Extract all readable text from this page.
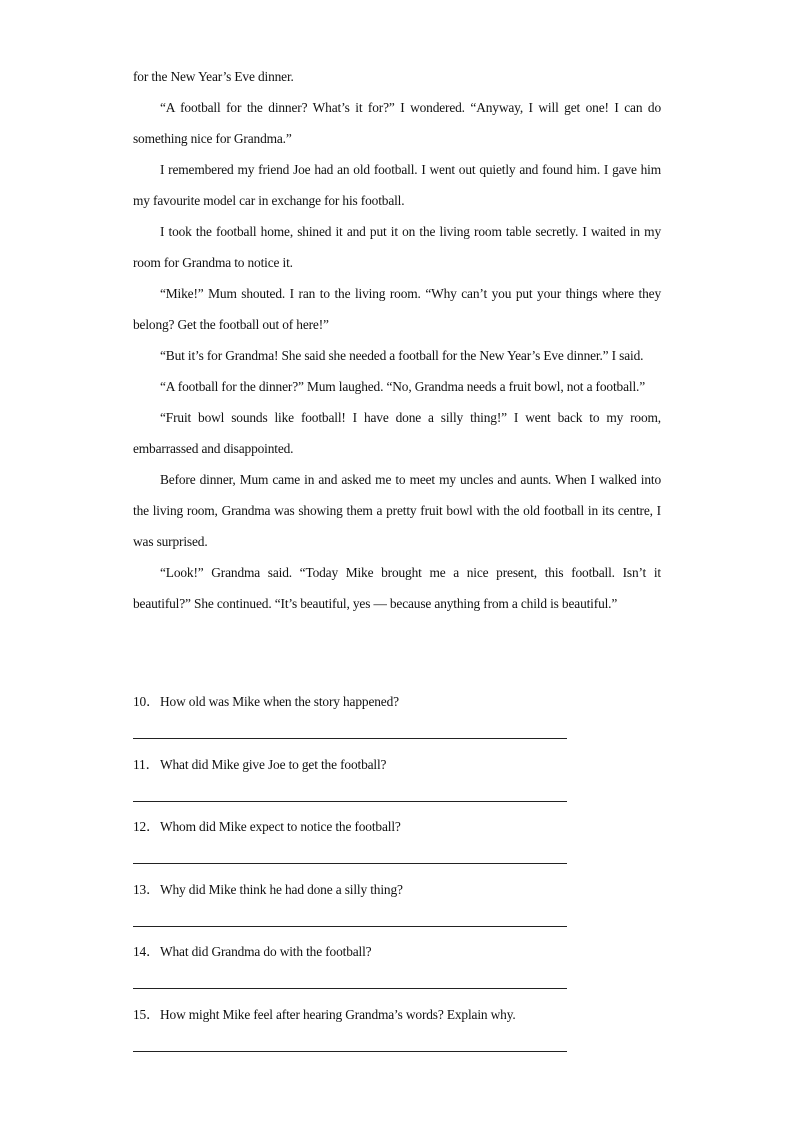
for the New Year’s Eve dinner.

“A football for the dinner? What’s it for?” I wondered. “Anyway, I will get one! I can do something nice for Grandma.”

I remembered my friend Joe had an old football. I went out quietly and found him. I gave him my favourite model car in exchange for his football.

I took the football home, shined it and put it on the living room table secretly. I waited in my room for Grandma to notice it.

“Mike!” Mum shouted. I ran to the living room. “Why can’t you put your things where they belong? Get the football out of here!”

“But it’s for Grandma! She said she needed a football for the New Year’s Eve dinner.” I said.

“A football for the dinner?” Mum laughed. “No, Grandma needs a fruit bowl, not a football.”

“Fruit bowl sounds like football! I have done a silly thing!” I went back to my room, embarrassed and disappointed.

Before dinner, Mum came in and asked me to meet my uncles and aunts. When I walked into the living room, Grandma was showing them a pretty fruit bowl with the old football in its centre, I was surprised.

“Look!” Grandma said. “Today Mike brought me a nice present, this football. Isn’t it beautiful?” She continued. “It’s beautiful, yes — because anything from a child is beautiful.”

10．How old was Mike when the story happened?
11．What did Mike give Joe to get the football?
12．Whom did Mike expect to notice the football?
13．Why did Mike think he had done a silly thing?
14．What did Grandma do with the football?
15．How might Mike feel after hearing Grandma’s words? Explain why.
